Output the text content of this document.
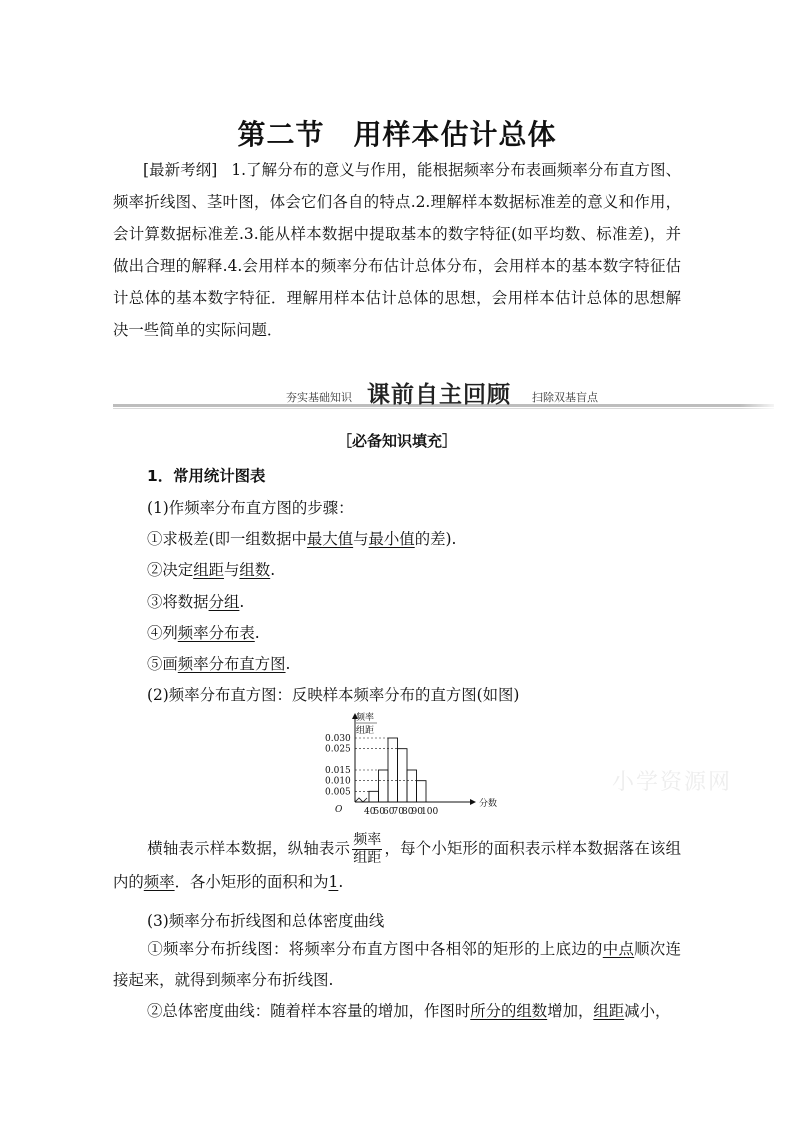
第二节　用样本估计总体
[最新考纲] 1.了解分布的意义与作用，能根据频率分布表画频率分布直方图、频率折线图、茎叶图，体会它们各自的特点.2.理解样本数据标准差的意义和作用，会计算数据标准差.3.能从样本数据中提取基本的数字特征(如平均数、标准差)，并做出合理的解释.4.会用样本的频率分布估计总体分布，会用样本的基本数字特征估计总体的基本数字特征．理解用样本估计总体的思想，会用样本估计总体的思想解决一些简单的实际问题．
夯实基础知识 课前自主回顾 扫除双基盲点
［必备知识填充］
1．常用统计图表
(1)作频率分布直方图的步骤：
①求极差(即一组数据中最大值与最小值的差).
②决定组距与组数.
③将数据分组.
④列频率分布表.
⑤画频率分布直方图.
(2)频率分布直方图：反映样本频率分布的直方图(如图)
频率
组距
O
分数
0.005
0.010
0.015
0.025
0.030
40
50
60
70
80
90
100
小学资源网
横轴表示样本数据，纵轴表示 $\frac{\text{频率}}{\text{组距}}$ ，每个小矩形的面积表示样本数据落在该组内的频率．各小矩形的面积和为1.
(3)频率分布折线图和总体密度曲线
①频率分布折线图：将频率分布直方图中各相邻的矩形的上底边的中点顺次连接起来，就得到频率分布折线图.
②总体密度曲线：随着样本容量的增加，作图时所分的组数增加，组距减小，
